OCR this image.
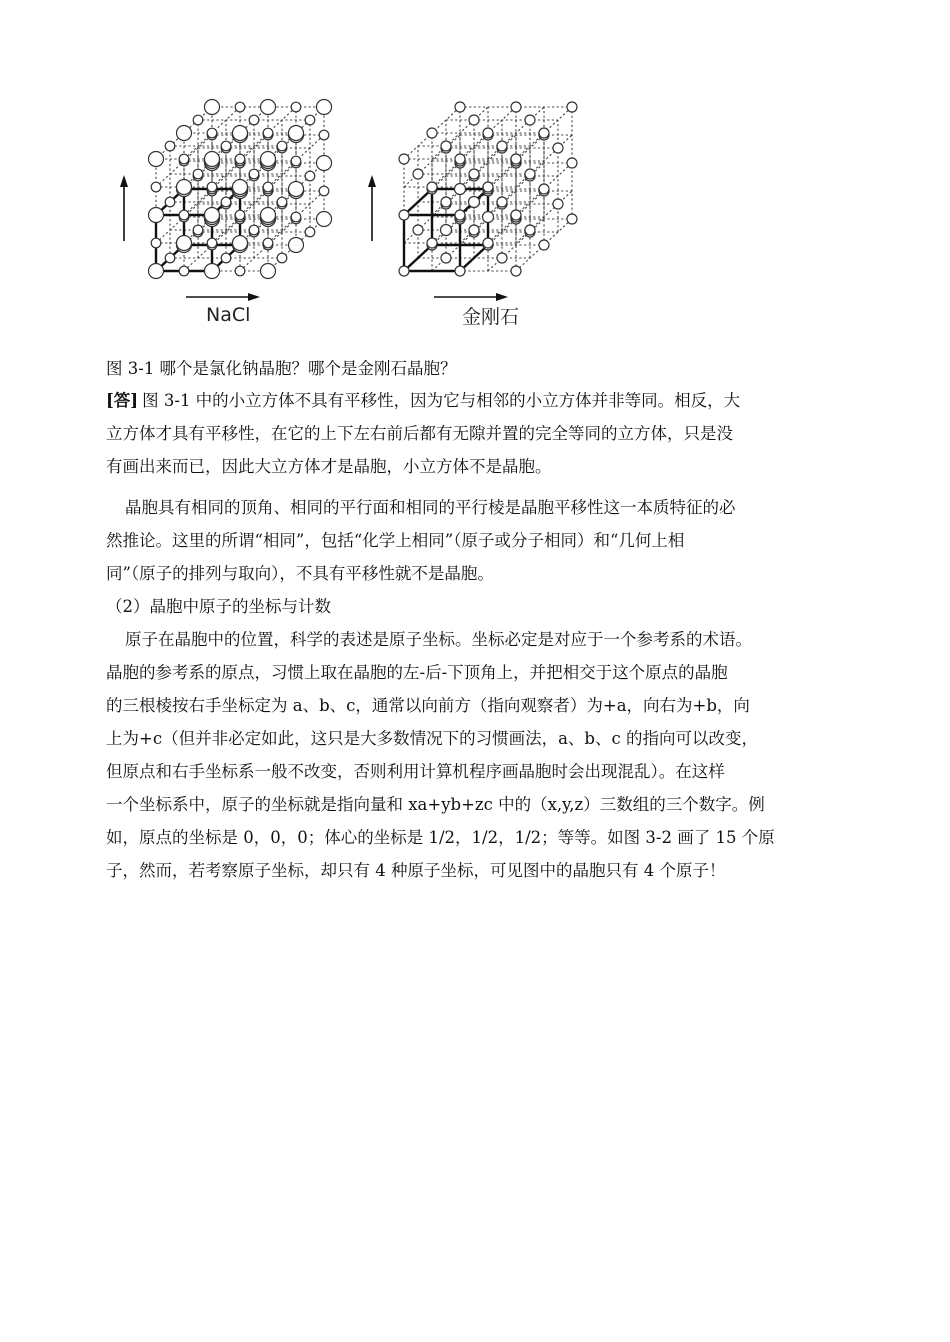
NaCl	金刚石
图 3-1 哪个是氯化钠晶胞？哪个是金刚石晶胞？
[答] 图 3-1 中的小立方体不具有平移性，因为它与相邻的小立方体并非等同。相反，大
立方体才具有平移性，在它的上下左右前后都有无隙并置的完全等同的立方体，只是没
有画出来而已，因此大立方体才是晶胞，小立方体不是晶胞。
晶胞具有相同的顶角、相同的平行面和相同的平行棱是晶胞平移性这一本质特征的必
然推论。这里的所谓“相同”，包括“化学上相同”（原子或分子相同）和“几何上相
同”（原子的排列与取向），不具有平移性就不是晶胞。
（2）晶胞中原子的坐标与计数
原子在晶胞中的位置，科学的表述是原子坐标。坐标必定是对应于一个参考系的术语。
晶胞的参考系的原点，习惯上取在晶胞的左-后-下顶角上，并把相交于这个原点的晶胞
的三根棱按右手坐标定为 a、b、c，通常以向前方（指向观察者）为+a，向右为+b，向
上为+c（但并非必定如此，这只是大多数情况下的习惯画法，a、b、c 的指向可以改变，
但原点和右手坐标系一般不改变，否则利用计算机程序画晶胞时会出现混乱）。在这样
一个坐标系中，原子的坐标就是指向量和 xa+yb+zc 中的（x,y,z）三数组的三个数字。例
如，原点的坐标是 0，0，0；体心的坐标是 1/2，1/2，1/2；等等。如图 3-2 画了 15 个原
子，然而，若考察原子坐标，却只有 4 种原子坐标，可见图中的晶胞只有 4 个原子！
